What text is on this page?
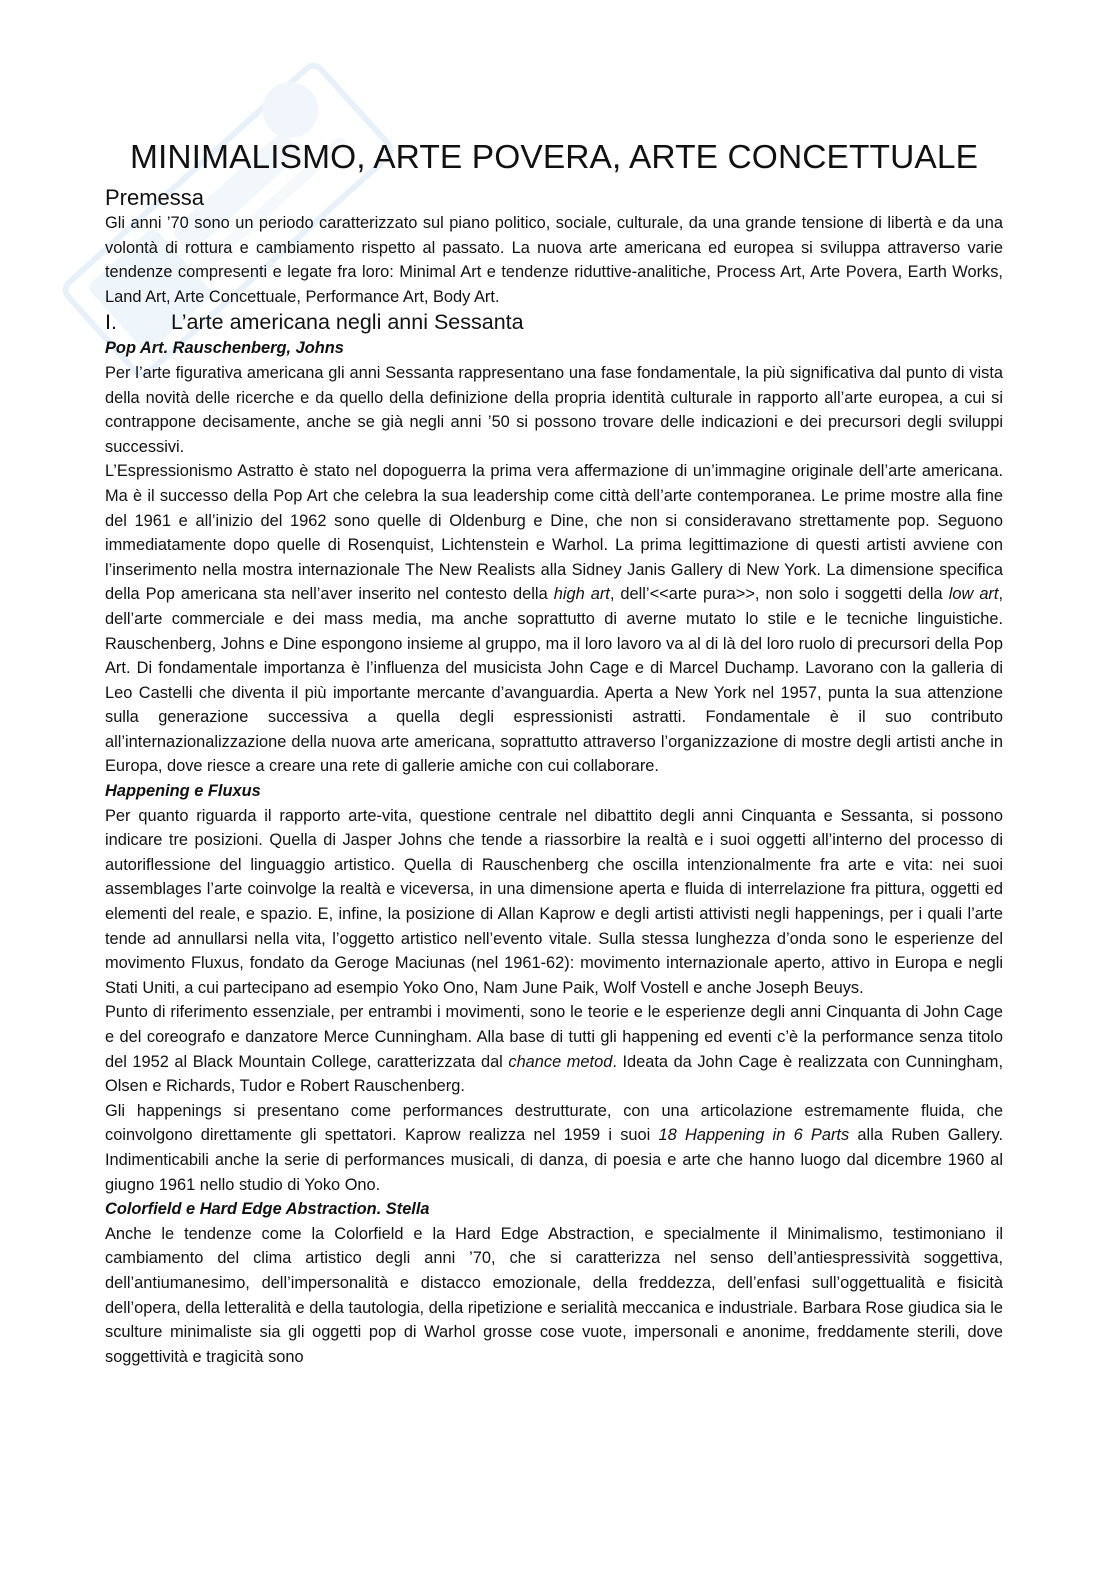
MINIMALISMO, ARTE POVERA, ARTE CONCETTUALE
Premessa

Gli anni ’70 sono un periodo caratterizzato sul piano politico, sociale, culturale, da una grande tensione di libertà e da una volontà di rottura e cambiamento rispetto al passato. La nuova arte americana ed europea si sviluppa attraverso varie tendenze compresenti e legate fra loro: Minimal Art e tendenze riduttive-analitiche, Process Art, Arte Povera, Earth Works, Land Art, Arte Concettuale, Performance Art, Body Art.

I.	L’arte americana negli anni Sessanta
Pop Art. Rauschenberg, Johns

Per l’arte figurativa americana gli anni Sessanta rappresentano una fase fondamentale, la più significativa dal punto di vista della novità delle ricerche e da quello della definizione della propria identità culturale in rapporto all’arte europea, a cui si contrappone decisamente, anche se già negli anni ’50 si possono trovare delle indicazioni e dei precursori degli sviluppi successivi.

L’Espressionismo Astratto è stato nel dopoguerra la prima vera affermazione di un’immagine originale dell’arte americana. Ma è il successo della Pop Art che celebra la sua leadership come città dell’arte contemporanea. Le prime mostre alla fine del 1961 e all’inizio del 1962 sono quelle di Oldenburg e Dine, che non si consideravano strettamente pop. Seguono immediatamente dopo quelle di Rosenquist, Lichtenstein e Warhol. La prima legittimazione di questi artisti avviene con l’inserimento nella mostra internazionale The New Realists alla Sidney Janis Gallery di New York. La dimensione specifica della Pop americana sta nell’aver inserito nel contesto della high art, dell’<<arte pura>>, non solo i soggetti della low art, dell’arte commerciale e dei mass media, ma anche soprattutto di averne mutato lo stile e le tecniche linguistiche. Rauschenberg, Johns e Dine espongono insieme al gruppo, ma il loro lavoro va al di là del loro ruolo di precursori della Pop Art. Di fondamentale importanza è l’influenza del musicista John Cage e di Marcel Duchamp. Lavorano con la galleria di Leo Castelli che diventa il più importante mercante d’avanguardia. Aperta a New York nel 1957, punta la sua attenzione sulla generazione successiva a quella degli espressionisti astratti. Fondamentale è il suo contributo all’internazionalizzazione della nuova arte americana, soprattutto attraverso l’organizzazione di mostre degli artisti anche in Europa, dove riesce a creare una rete di gallerie amiche con cui collaborare.

Happening e Fluxus

Per quanto riguarda il rapporto arte-vita, questione centrale nel dibattito degli anni Cinquanta e Sessanta, si possono indicare tre posizioni. Quella di Jasper Johns che tende a riassorbire la realtà e i suoi oggetti all’interno del processo di autoriflessione del linguaggio artistico. Quella di Rauschenberg che oscilla intenzionalmente fra arte e vita: nei suoi assemblages l’arte coinvolge la realtà e viceversa, in una dimensione aperta e fluida di interrelazione fra pittura, oggetti ed elementi del reale, e spazio. E, infine, la posizione di Allan Kaprow e degli artisti attivisti negli happenings, per i quali l’arte tende ad annullarsi nella vita, l’oggetto artistico nell’evento vitale. Sulla stessa lunghezza d’onda sono le esperienze del movimento Fluxus, fondato da Geroge Maciunas (nel 1961-62): movimento internazionale aperto, attivo in Europa e negli Stati Uniti, a cui partecipano ad esempio Yoko Ono, Nam June Paik, Wolf Vostell e anche Joseph Beuys.

Punto di riferimento essenziale, per entrambi i movimenti, sono le teorie e le esperienze degli anni Cinquanta di John Cage e del coreografo e danzatore Merce Cunningham. Alla base di tutti gli happening ed eventi c’è la performance senza titolo del 1952 al Black Mountain College, caratterizzata dal chance metod. Ideata da John Cage è realizzata con Cunningham, Olsen e Richards, Tudor e Robert Rauschenberg.

Gli happenings si presentano come performances destrutturate, con una articolazione estremamente fluida, che coinvolgono direttamente gli spettatori. Kaprow realizza nel 1959 i suoi 18 Happening in 6 Parts alla Ruben Gallery. Indimenticabili anche la serie di performances musicali, di danza, di poesia e arte che hanno luogo dal dicembre 1960 al giugno 1961 nello studio di Yoko Ono.

Colorfield e Hard Edge Abstraction. Stella

Anche le tendenze come la Colorfield e la Hard Edge Abstraction, e specialmente il Minimalismo, testimoniano il cambiamento del clima artistico degli anni ’70, che si caratterizza nel senso dell’antiespressività soggettiva, dell’antiumanesimo, dell’impersonalità e distacco emozionale, della freddezza, dell’enfasi sull’oggettualità e fisicità dell’opera, della letteralità e della tautologia, della ripetizione e serialità meccanica e industriale. Barbara Rose giudica sia le sculture minimaliste sia gli oggetti pop di Warhol grosse cose vuote, impersonali e anonime, freddamente sterili, dove soggettività e tragicità sono
